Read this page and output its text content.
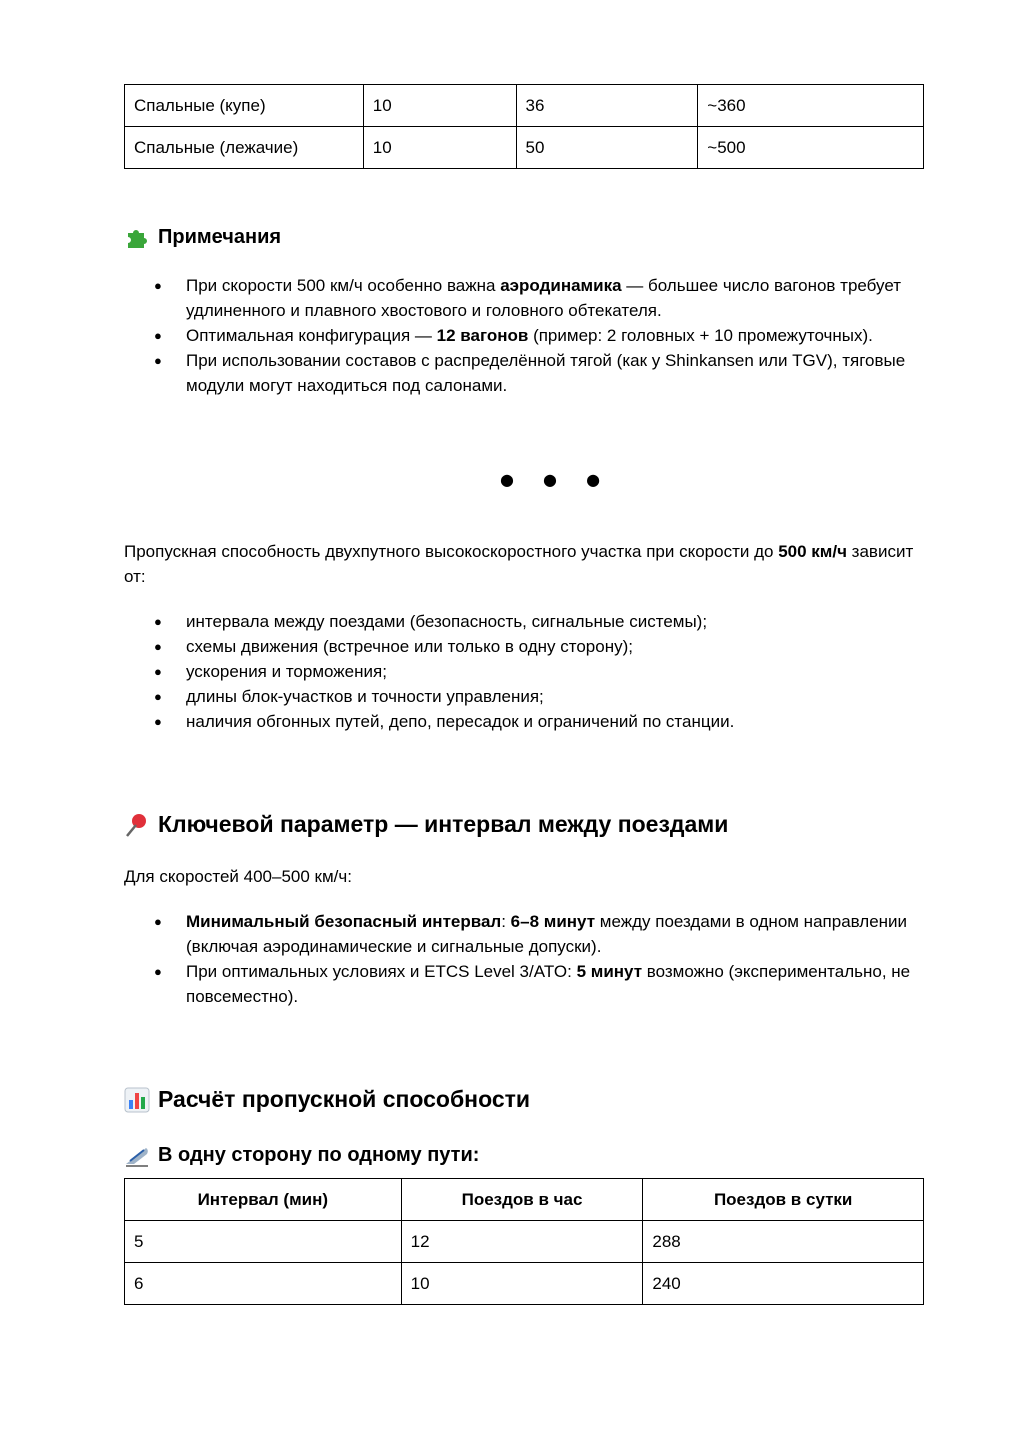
Спальные (купе)	10	36	~360
Спальные (лежачие)	10	50	~500
Примечания
● При скорости 500 км/ч особенно важна аэродинамика — большее число вагонов требует удлиненного и плавного хвостового и головного обтекателя.
● Оптимальная конфигурация — 12 вагонов (пример: 2 головных + 10 промежуточных).
● При использовании составов с распределённой тягой (как у Shinkansen или TGV), тяговые модули могут находиться под салонами.
● ● ●

Пропускная способность двухпутного высокоскоростного участка при скорости до 500 км/ч зависит от:

● интервала между поездами (безопасность, сигнальные системы);
● схемы движения (встречное или только в одну сторону);
● ускорения и торможения;
● длины блок-участков и точности управления;
● наличия обгонных путей, депо, пересадок и ограничений по станции.
Ключевой параметр — интервал между поездами

Для скоростей 400–500 км/ч:

● Минимальный безопасный интервал: 6–8 минут между поездами в одном направлении (включая аэродинамические и сигнальные допуски).
● При оптимальных условиях и ETCS Level 3/ATO: 5 минут возможно (экспериментально, не повсеместно).
Расчёт пропускной способности
В одну сторону по одному пути:
Интервал (мин)	Поездов в час	Поездов в сутки
5	12	288
6	10	240
